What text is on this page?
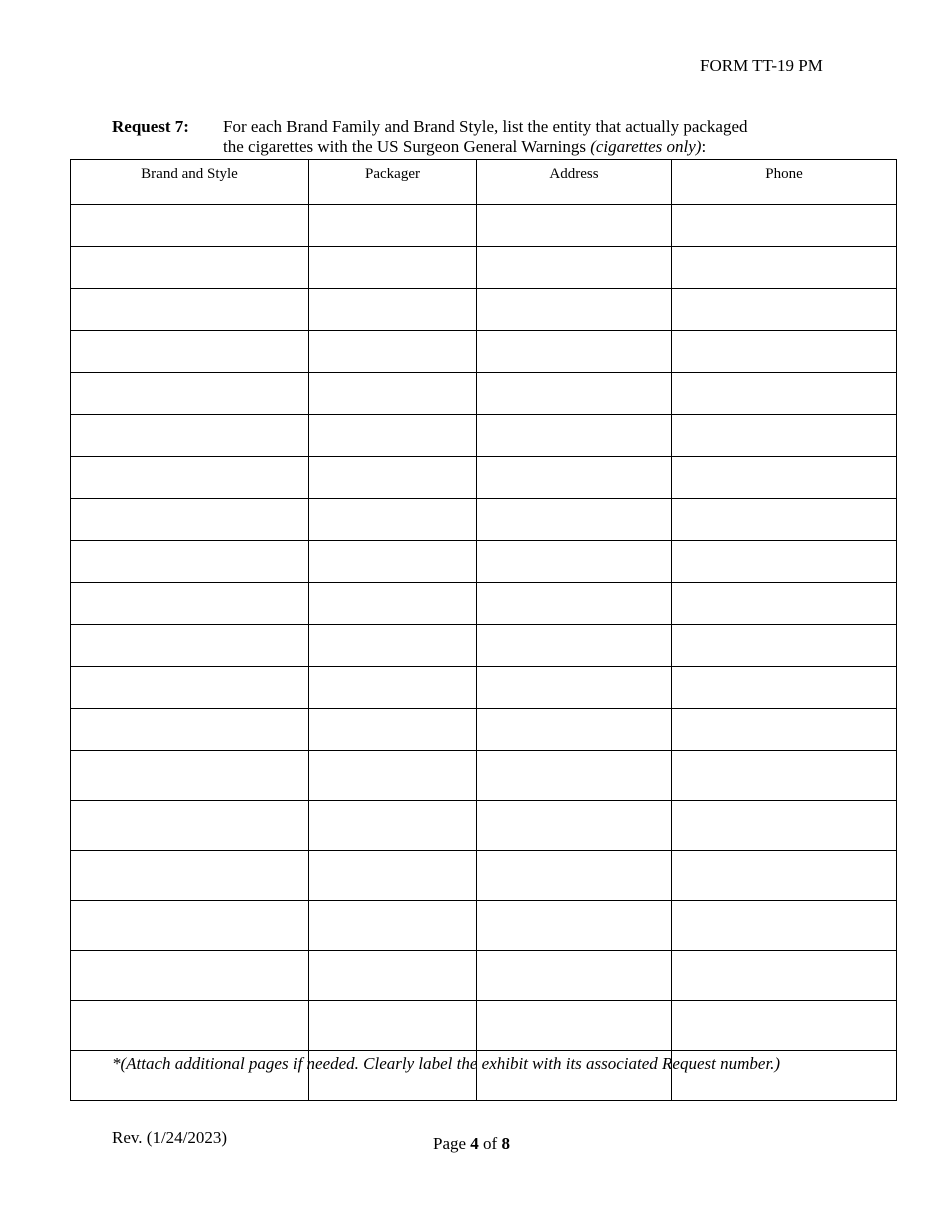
FORM TT-19 PM
Request 7: For each Brand Family and Brand Style, list the entity that actually packaged
the cigarettes with the US Surgeon General Warnings (cigarettes only):
Brand and Style	Packager	Address	Phone

*(Attach additional pages if needed. Clearly label the exhibit with its associated Request number.)
Rev. (1/24/2023)	Page 4 of 8
